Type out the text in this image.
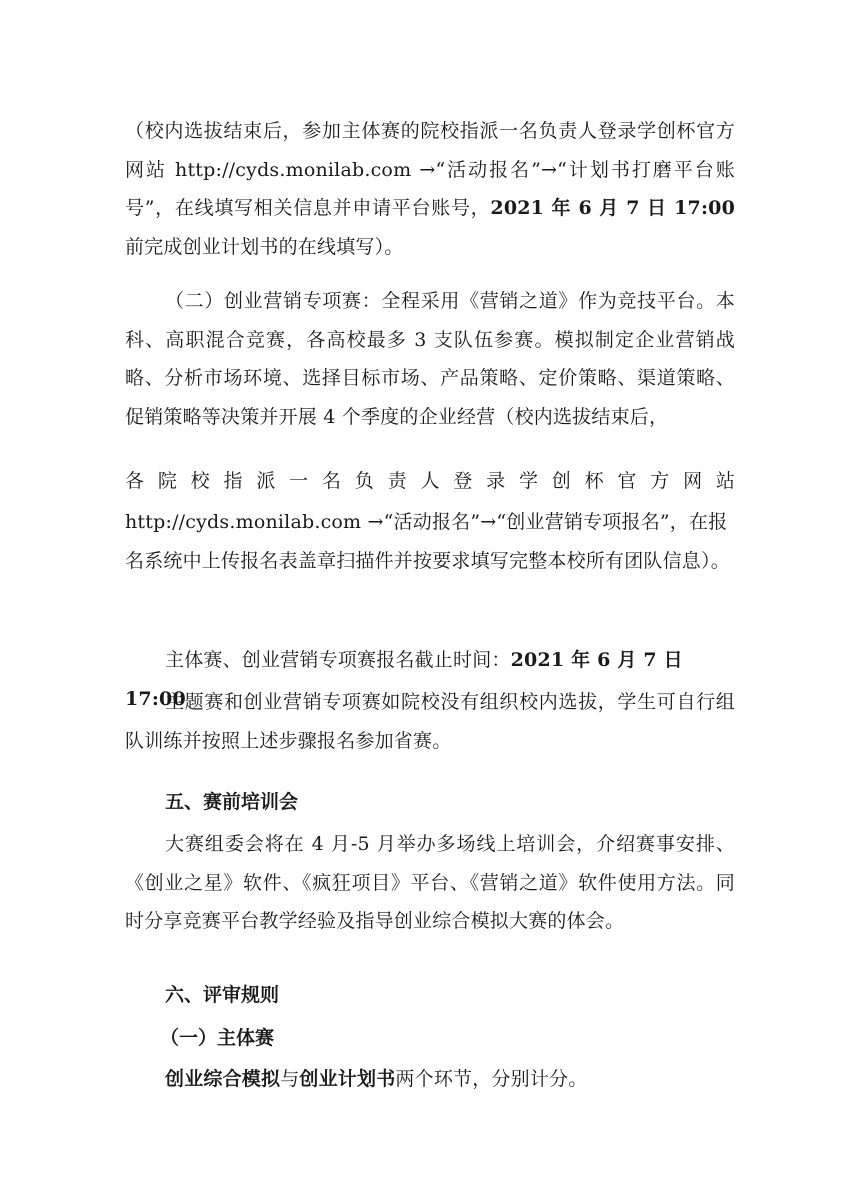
（校内选拔结束后，参加主体赛的院校指派一名负责人登录学创杯官方网站 http://cyds.monilab.com →“活动报名”→“计划书打磨平台账号”，在线填写相关信息并申请平台账号，2021 年 6 月 7 日 17:00前完成创业计划书的在线填写）。

（二）创业营销专项赛：全程采用《营销之道》作为竞技平台。本科、高职混合竞赛，各高校最多 3 支队伍参赛。模拟制定企业营销战略、分析市场环境、选择目标市场、产品策略、定价策略、渠道策略、促销策略等决策并开展 4 个季度的企业经营（校内选拔结束后，

各 院 校 指 派 一 名 负 责 人 登 录 学 创 杯 官 方 网 站

http://cyds.monilab.com →“活动报名”→“创业营销专项报名”，在报名系统中上传报名表盖章扫描件并按要求填写完整本校所有团队信息）。

主体赛、创业营销专项赛报名截止时间：2021 年 6 月 7 日 17:00

主题赛和创业营销专项赛如院校没有组织校内选拔，学生可自行组队训练并按照上述步骤报名参加省赛。

五、赛前培训会

大赛组委会将在 4 月-5 月举办多场线上培训会，介绍赛事安排、《创业之星》软件、《疯狂项目》平台、《营销之道》软件使用方法。同时分享竞赛平台教学经验及指导创业综合模拟大赛的体会。

六、评审规则

（一）主体赛

创业综合模拟与创业计划书两个环节，分别计分。
